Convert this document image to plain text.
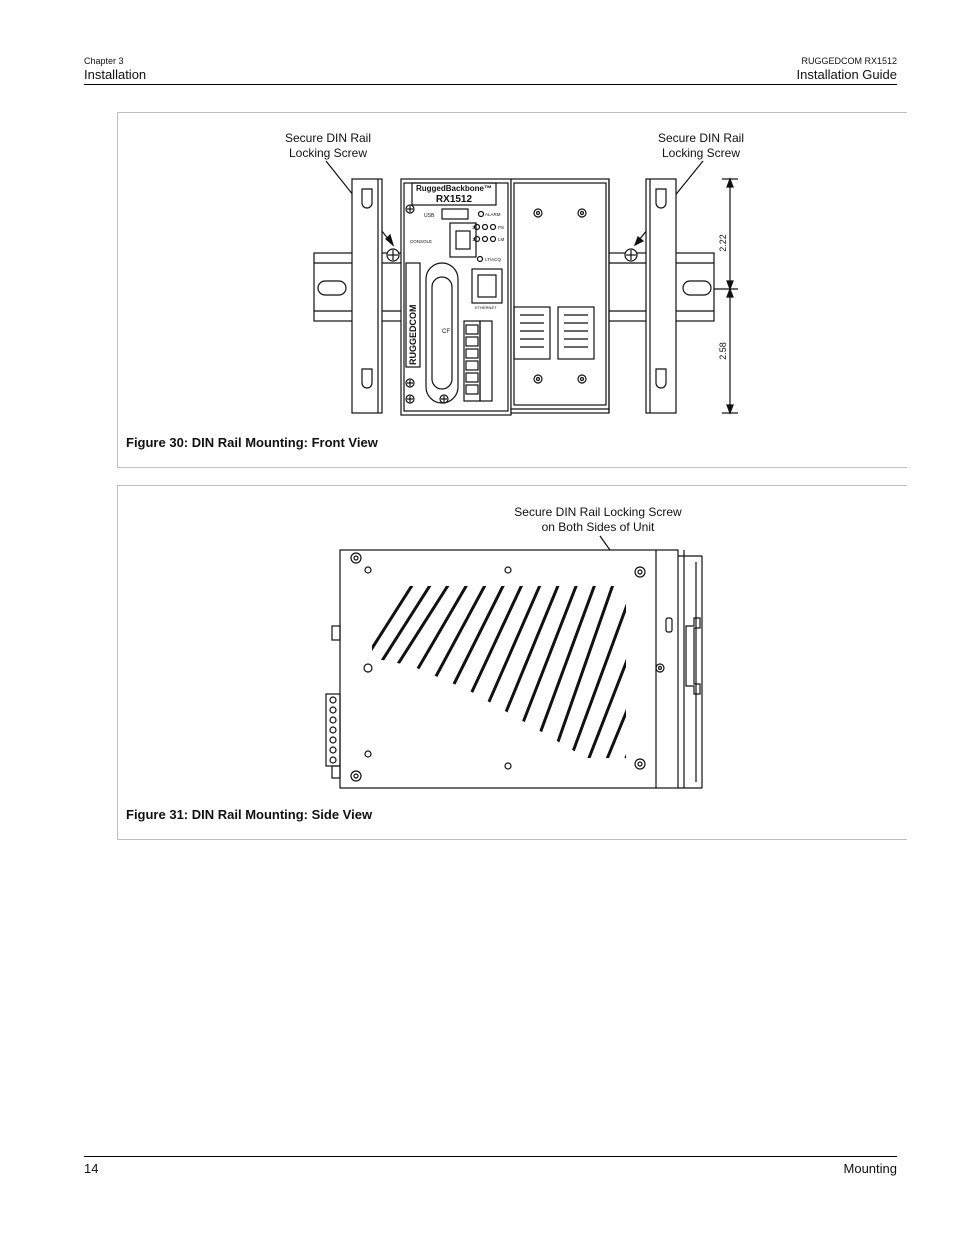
Chapter 3
Installation
RUGGEDCOM RX1512
Installation Guide
Secure DIN Rail
Locking Screw
Secure DIN Rail
Locking Screw
RuggedBackbone™
RX1512
USB
CONSOLE
ALARM
PS
LM
3
1
LT/ACQ
ETHERNET
CF
RUGGEDCOM
2.22
2.58
Figure 30: DIN Rail Mounting: Front View
Secure DIN Rail Locking Screw
on Both Sides of Unit
Figure 31: DIN Rail Mounting: Side View
14	Mounting
